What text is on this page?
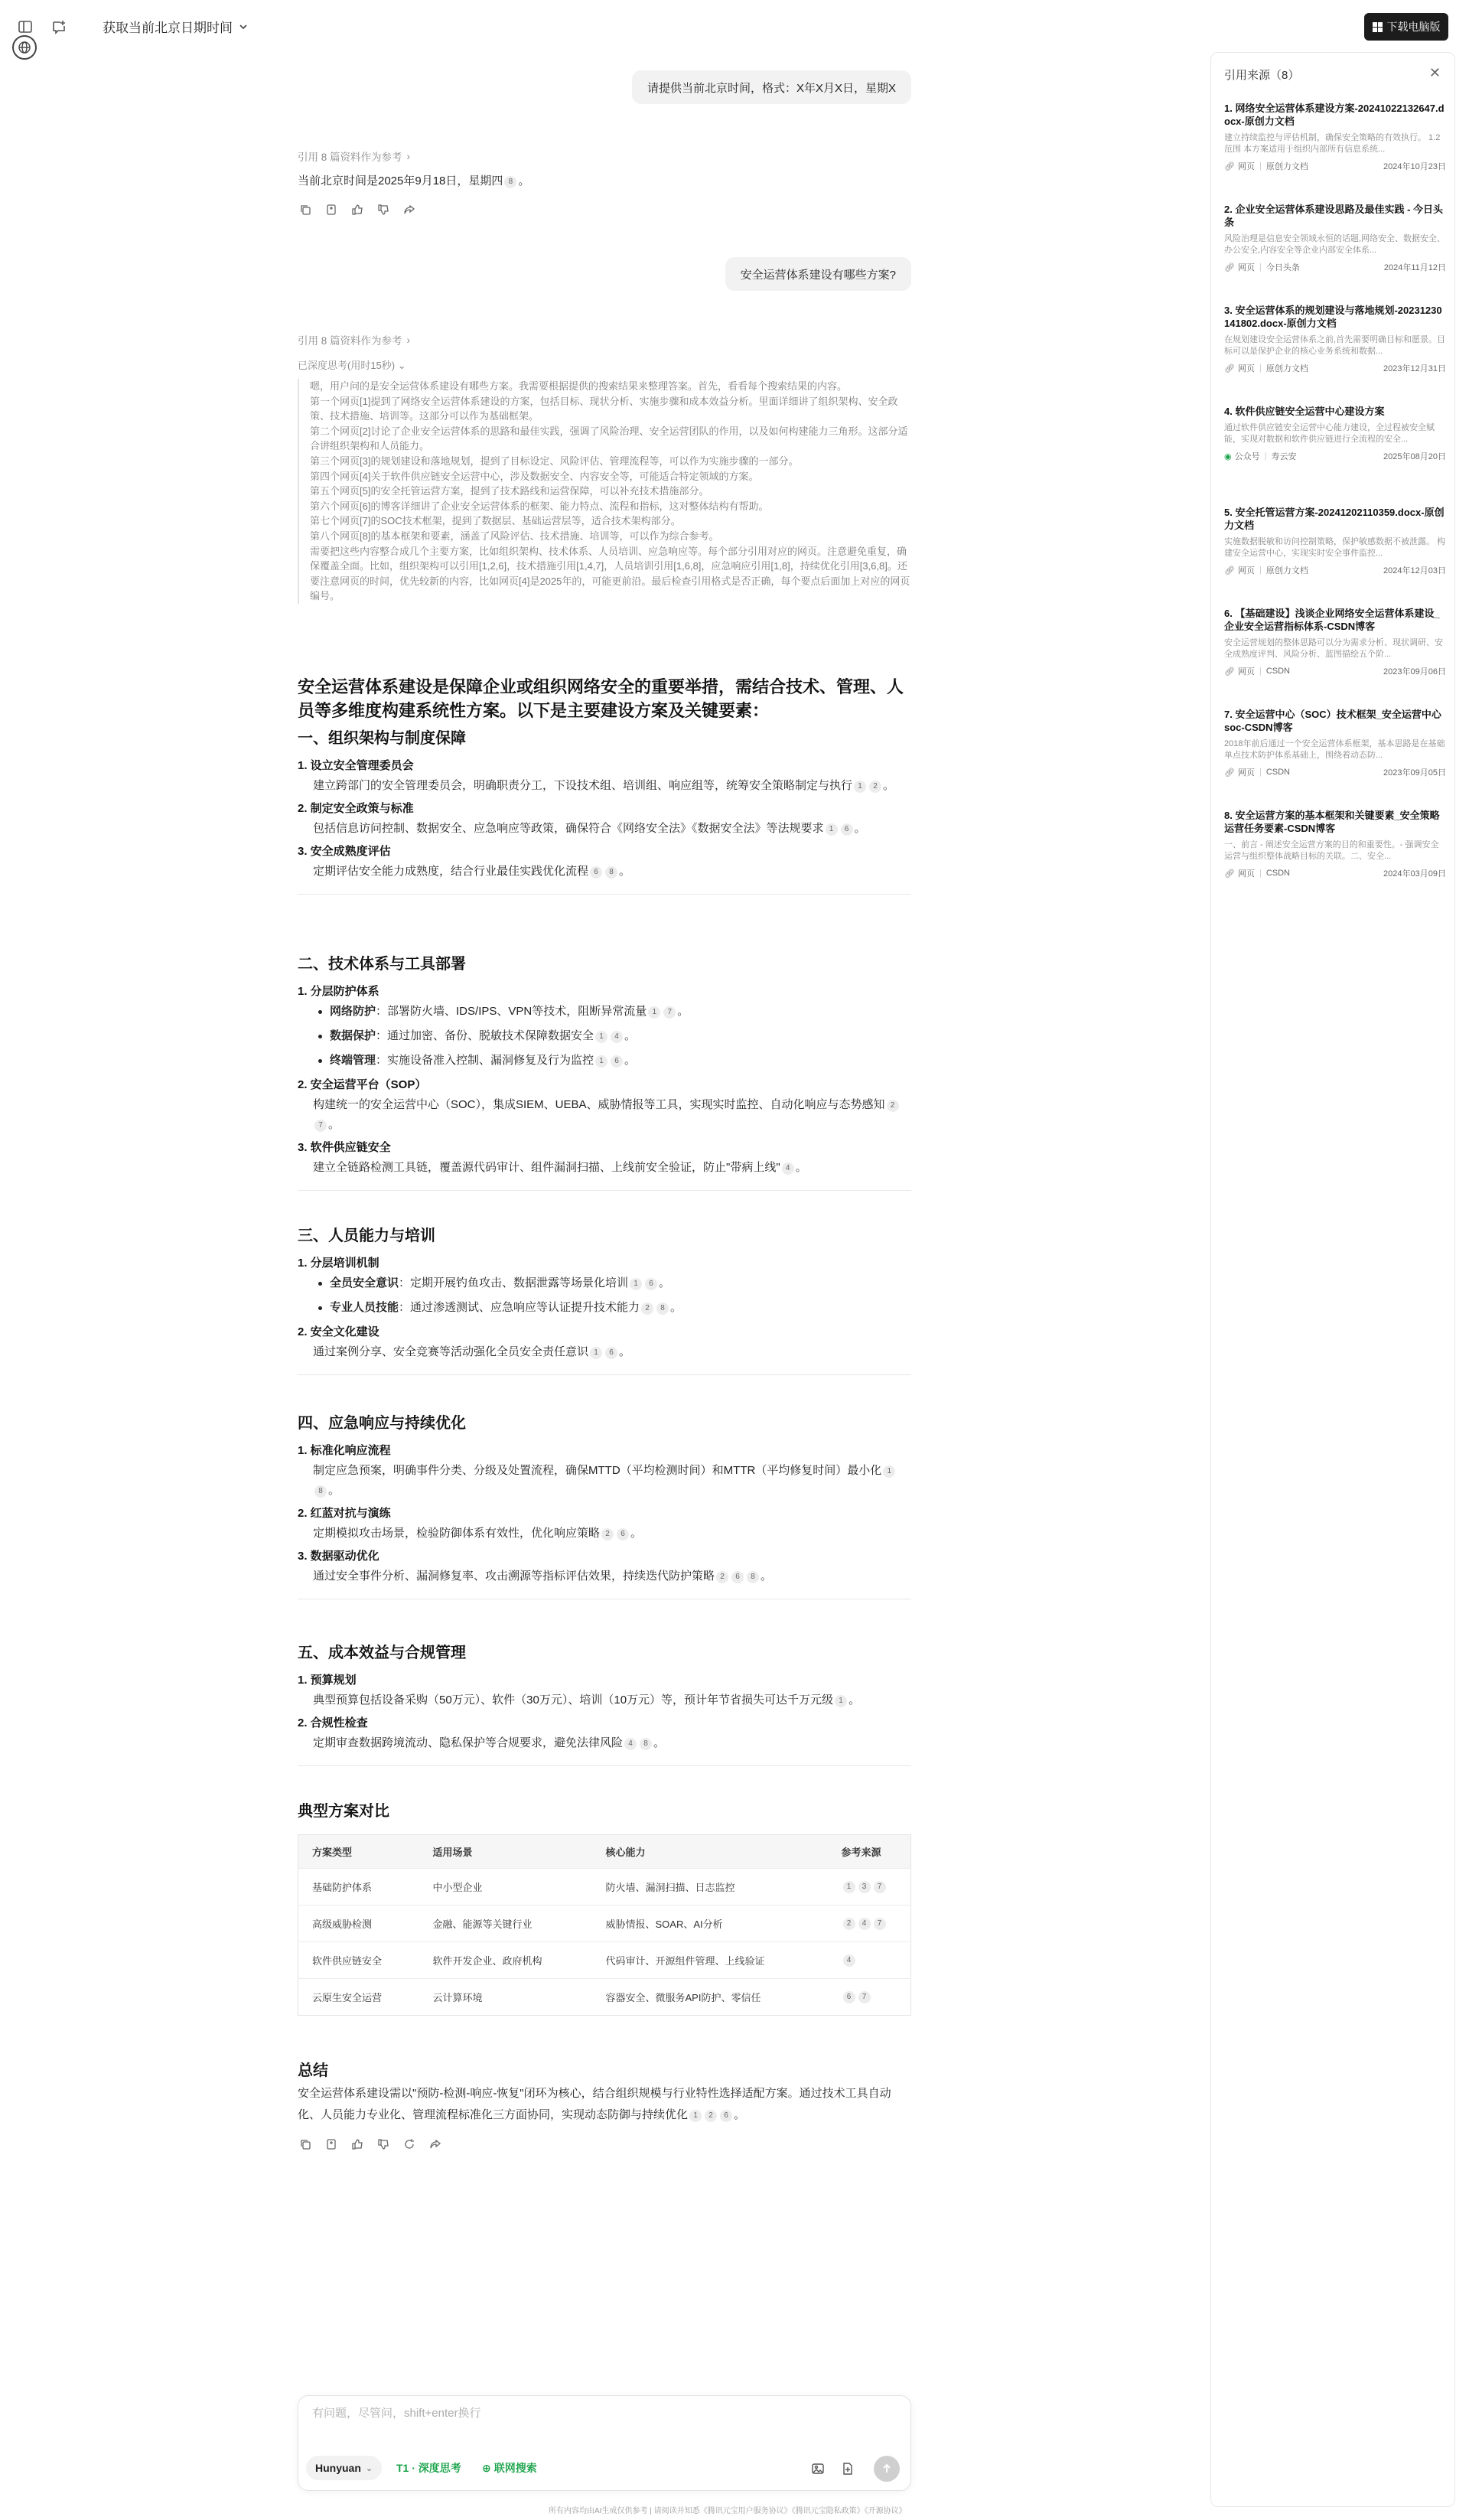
获取当前北京日期时间	下载电脑版
请提供当前北京时间，格式：X年X月X日，星期X
引用 8 篇资料作为参考 ›
当前北京时间是2025年9月18日，星期四 8 。
安全运营体系建设有哪些方案?
引用 8 篇资料作为参考 ›
已深度思考(用时15秒) ⌄

嗯，用户问的是安全运营体系建设有哪些方案。我需要根据提供的搜索结果来整理答案。首先，看看每个搜索结果的内容。

第一个网页[1]提到了网络安全运营体系建设的方案，包括目标、现状分析、实施步骤和成本效益分析。里面详细讲了组织架构、安全政策、技术措施、培训等。这部分可以作为基础框架。

第二个网页[2]讨论了企业安全运营体系的思路和最佳实践，强调了风险治理、安全运营团队的作用，以及如何构建能力三角形。这部分适合讲组织架构和人员能力。

第三个网页[3]的规划建设和落地规划，提到了目标设定、风险评估、管理流程等，可以作为实施步骤的一部分。

第四个网页[4]关于软件供应链安全运营中心，涉及数据安全、内容安全等，可能适合特定领域的方案。

第五个网页[5]的安全托管运营方案，提到了技术路线和运营保障，可以补充技术措施部分。

第六个网页[6]的博客详细讲了企业安全运营体系的框架、能力特点、流程和指标，这对整体结构有帮助。

第七个网页[7]的SOC技术框架，提到了数据层、基础运营层等，适合技术架构部分。

第八个网页[8]的基本框架和要素，涵盖了风险评估、技术措施、培训等，可以作为综合参考。

需要把这些内容整合成几个主要方案，比如组织架构、技术体系、人员培训、应急响应等。每个部分引用对应的网页。注意避免重复，确保覆盖全面。比如，组织架构可以引用[1,2,6]，技术措施引用[1,4,7]，人员培训引用[1,6,8]，应急响应引用[1,8]，持续优化引用[3,6,8]。还要注意网页的时间，优先较新的内容，比如网页[4]是2025年的，可能更前沿。最后检查引用格式是否正确，每个要点后面加上对应的网页编号。

安全运营体系建设是保障企业或组织网络安全的重要举措，需结合技术、管理、人员等多维度构建系统性方案。以下是主要建设方案及关键要素：
一、组织架构与制度保障
1. 设立安全管理委员会
建立跨部门的安全管理委员会，明确职责分工，下设技术组、培训组、响应组等，统筹安全策略制定与执行 1 2 。
2. 制定安全政策与标准
包括信息访问控制、数据安全、应急响应等政策，确保符合《网络安全法》《数据安全法》等法规要求 1 6 。
3. 安全成熟度评估
定期评估安全能力成熟度，结合行业最佳实践优化流程 6 8 。
二、技术体系与工具部署
1. 分层防护体系
网络防护：部署防火墙、IDS/IPS、VPN等技术，阻断异常流量 1 7 。
数据保护：通过加密、备份、脱敏技术保障数据安全 1 4 。
终端管理：实施设备准入控制、漏洞修复及行为监控 1 6 。
2. 安全运营平台（SOP）
构建统一的安全运营中心（SOC），集成SIEM、UEBA、威胁情报等工具，实现实时监控、自动化响应与态势感知 27 。
3. 软件供应链安全
建立全链路检测工具链，覆盖源代码审计、组件漏洞扫描、上线前安全验证，防止"带病上线" 4 。
三、人员能力与培训
1. 分层培训机制
全员安全意识：定期开展钓鱼攻击、数据泄露等场景化培训 1 6 。
专业人员技能：通过渗透测试、应急响应等认证提升技术能力 2 8 。
2. 安全文化建设
通过案例分享、安全竞赛等活动强化全员安全责任意识 1 6 。
四、应急响应与持续优化
1. 标准化响应流程
制定应急预案，明确事件分类、分级及处置流程，确保MTTD（平均检测时间）和MTTR（平均修复时间）最小化 18 。
2. 红蓝对抗与演练
定期模拟攻击场景，检验防御体系有效性，优化响应策略 2 6 。
3. 数据驱动优化
通过安全事件分析、漏洞修复率、攻击溯源等指标评估效果，持续迭代防护策略 2 6 8 。
五、成本效益与合规管理
1. 预算规划
典型预算包括设备采购（50万元）、软件（30万元）、培训（10万元）等，预计年节省损失可达千万元级 1 。
2. 合规性检查
定期审查数据跨境流动、隐私保护等合规要求，避免法律风险 4 8 。
典型方案对比
方案类型	适用场景	核心能力	参考来源
基础防护体系	中小型企业	防火墙、漏洞扫描、日志监控	1 3 7
高级威胁检测	金融、能源等关键行业	威胁情报、SOAR、AI分析	2 4 7
软件供应链安全	软件开发企业、政府机构	代码审计、开源组件管理、上线验证	4
云原生安全运营	云计算环境	容器安全、微服务API防护、零信任	6 7
总结
安全运营体系建设需以"预防-检测-响应-恢复"闭环为核心，结合组织规模与行业特性选择适配方案。通过技术工具自动化、人员能力专业化、管理流程标准化三方面协同，实现动态防御与持续优化 1 2 6 。
有问题，尽管问，shift+enter换行
Hunyuan ⌄ T1 · 深度思考 ⊕ 联网搜索
所有内容均由AI生成仅供参考 | 请阅读并知悉《腾讯元宝用户服务协议》《腾讯元宝隐私政策》《开源协议》
引用来源（8）	✕
1. 网络安全运营体系建设方案-20241022132647.docx-原创力文档
建立持续监控与评估机制，确保安全策略的有效执行。 1.2范围 本方案适用于组织内部所有信息系统...
🔗︎ 网页 | 原创力文档	2024年10月23日
2. 企业安全运营体系建设思路及最佳实践 - 今日头条
风险治理是信息安全领域永恒的话题,网络安全、数据安全、办公安全,内容安全等企业内部安全体系...
🔗︎ 网页 | 今日头条	2024年11月12日
3. 安全运营体系的规划建设与落地规划-20231230141802.docx-原创力文档
在规划建设安全运营体系之前,首先需要明确目标和愿景。目标可以是保护企业的核心业务系统和数据...
🔗︎ 网页 | 原创力文档	2023年12月31日
4. 软件供应链安全运营中心建设方案
通过软件供应链安全运营中心能力建设，全过程被安全赋能，实现对数据和软件供应链进行全流程的安全...
◉ 公众号 | 寿云安	2025年08月20日
5. 安全托管运营方案-20241202110359.docx-原创力文档
实施数据脱敏和访问控制策略，保护敏感数据不被泄露。 构建安全运营中心，实现实时安全事件监控...
🔗︎ 网页 | 原创力文档	2024年12月03日
6. 【基础建设】浅谈企业网络安全运营体系建设_企业安全运营指标体系-CSDN博客
安全运营规划的整体思路可以分为需求分析、现状调研、安全成熟度评判、风险分析、蓝图描绘五个阶...
🔗︎ 网页 | CSDN	2023年09月06日
7. 安全运营中心（SOC）技术框架_安全运营中心 soc-CSDN博客
2018年前后通过一个安全运营体系框架，基本思路是在基础单点技术防护体系基础上，围绕着动态防...
🔗︎ 网页 | CSDN	2023年09月05日
8. 安全运营方案的基本框架和关键要素_安全策略运营任务要素-CSDN博客
一、前言 - 阐述安全运营方案的目的和重要性。- 强调安全运营与组织整体战略目标的关联。二、安全...
🔗︎ 网页 | CSDN	2024年03月09日
